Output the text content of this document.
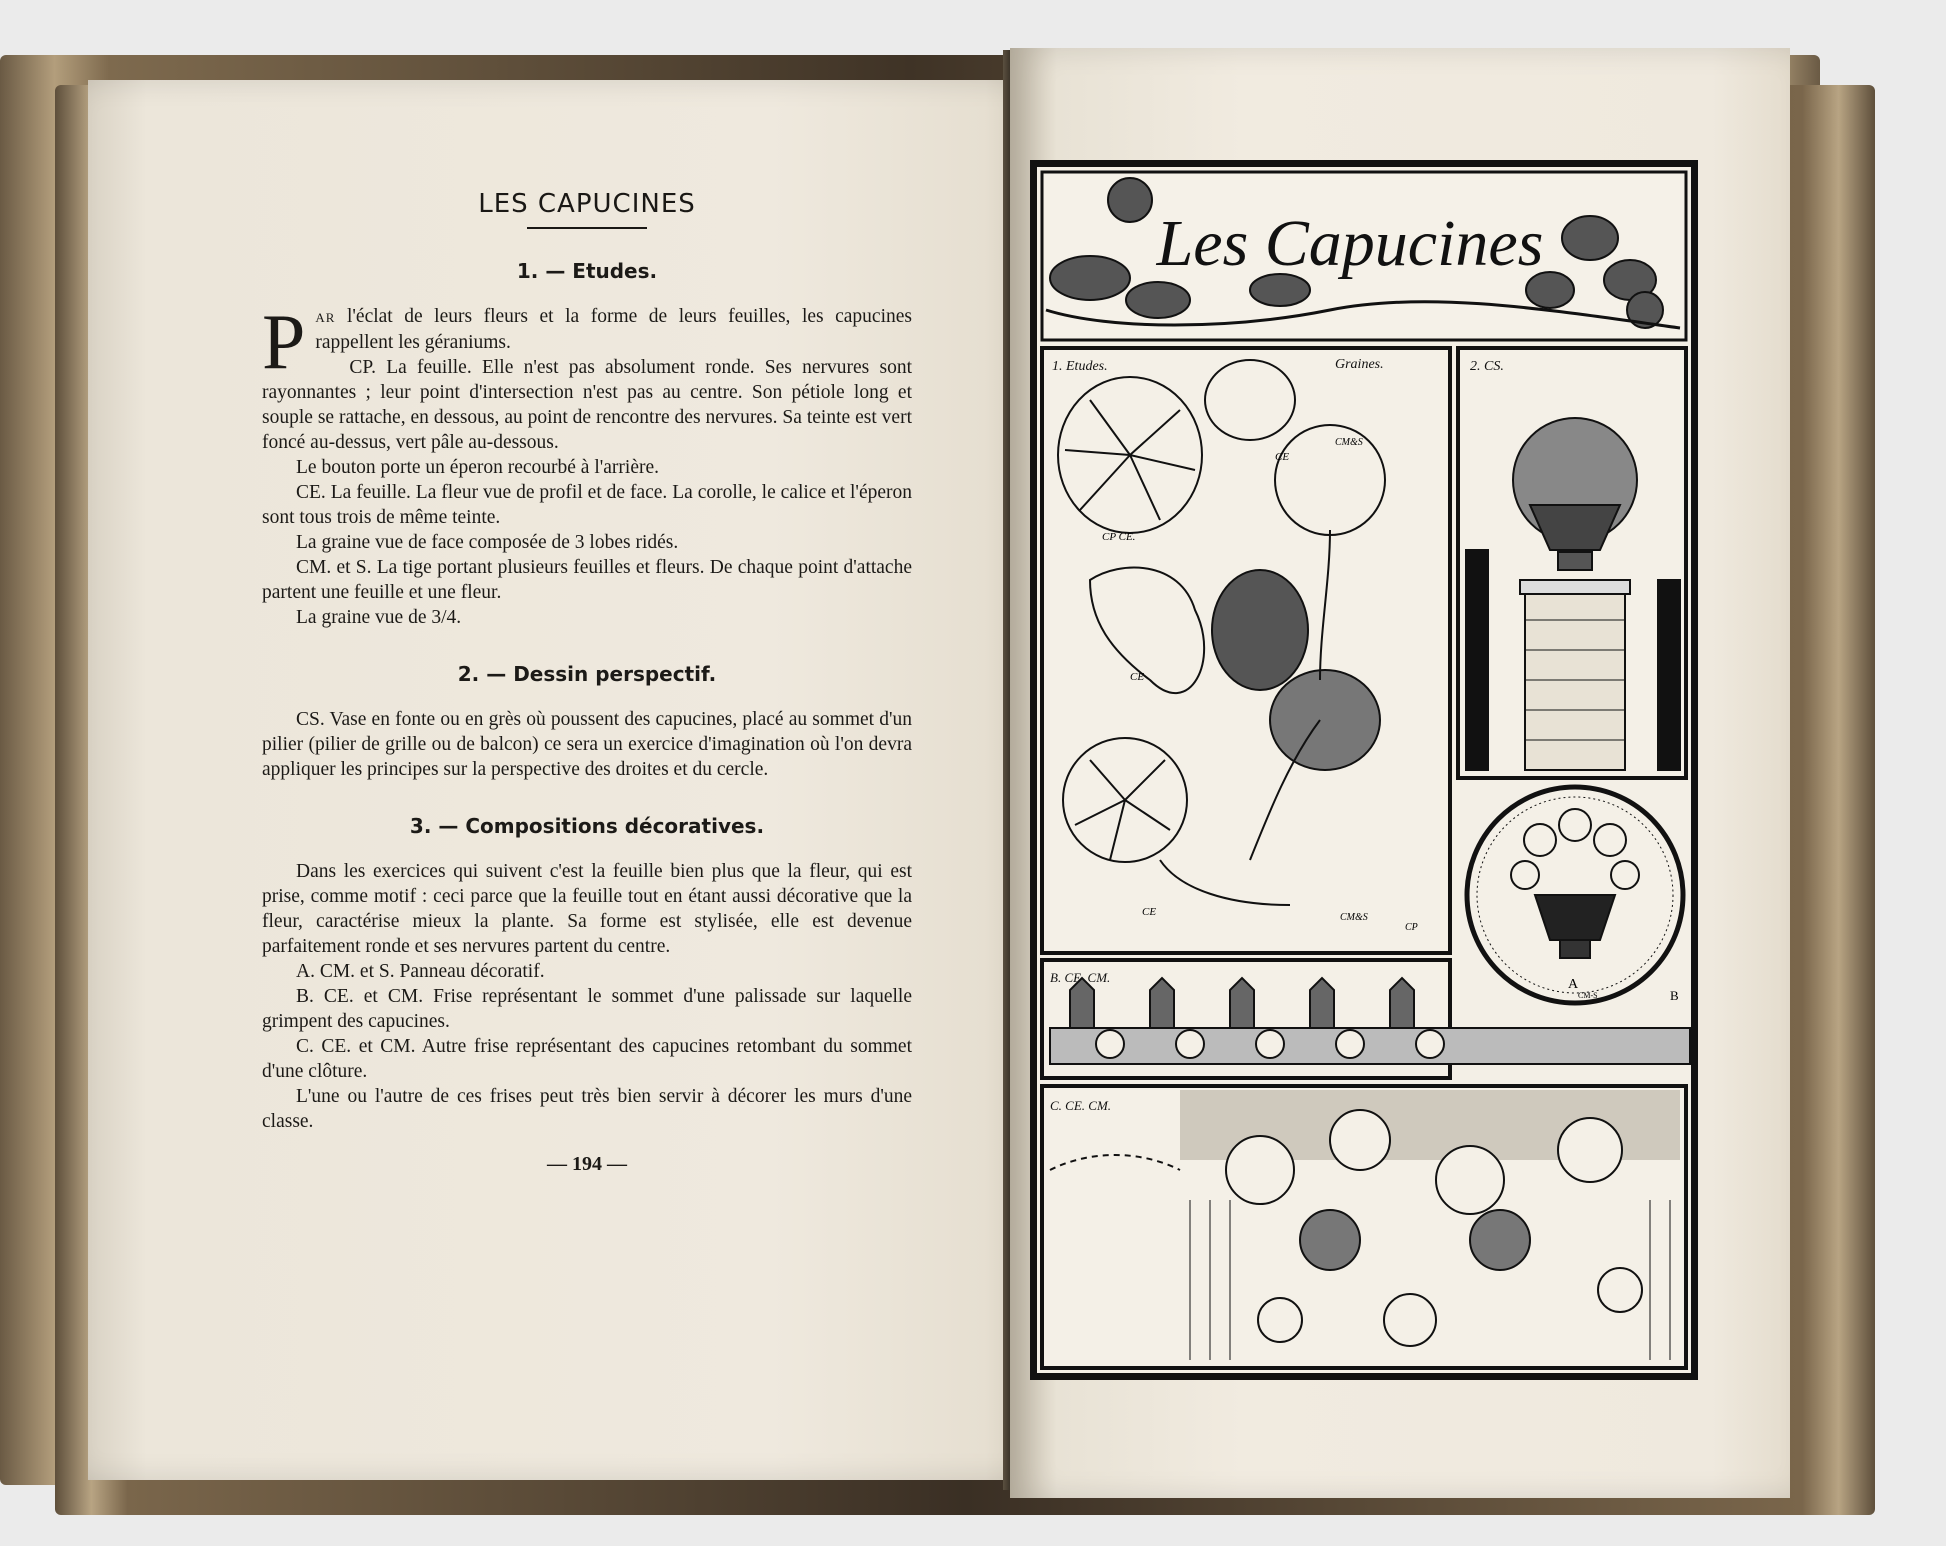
LES CAPUCINES
1. — Etudes.
P AR l'éclat de leurs fleurs et la forme de leurs feuilles, les capucines rappellent les géraniums.

CP. La feuille. Elle n'est pas absolument ronde. Ses nervures sont rayonnantes ; leur point d'intersection n'est pas au centre. Son pétiole long et souple se rattache, en dessous, au point de rencontre des nervures. Sa teinte est vert foncé au-dessus, vert pâle au-dessous.

Le bouton porte un éperon recourbé à l'arrière.

CE. La feuille. La fleur vue de profil et de face. La corolle, le calice et l'éperon sont tous trois de même teinte.

La graine vue de face composée de 3 lobes ridés.

CM. et S. La tige portant plusieurs feuilles et fleurs. De chaque point d'attache partent une feuille et une fleur.

La graine vue de 3/4.

2. — Dessin perspectif.

CS. Vase en fonte ou en grès où poussent des capucines, placé au sommet d'un pilier (pilier de grille ou de balcon) ce sera un exercice d'imagination où l'on devra appliquer les principes sur la perspective des droites et du cercle.

3. — Compositions décoratives.

Dans les exercices qui suivent c'est la feuille bien plus que la fleur, qui est prise, comme motif : ceci parce que la feuille tout en étant aussi décorative que la fleur, caractérise mieux la plante. Sa forme est stylisée, elle est devenue parfaitement ronde et ses nervures partent du centre.

A. CM. et S. Panneau décoratif.

B. CE. et CM. Frise représentant le sommet d'une palissade sur laquelle grimpent des capucines.

C. CE. et CM. Autre frise représentant des capucines retombant du sommet d'une clôture.

L'une ou l'autre de ces frises peut très bien servir à décorer les murs d'une classe.

— 194 —
Les Capucines
1. Etudes.	Graines.
CP CE.
CE
CE
CE
CM&S
CM&S
CP
2. CS.
A
CM-S
B. CE. CM.
B
C. CE. CM.
